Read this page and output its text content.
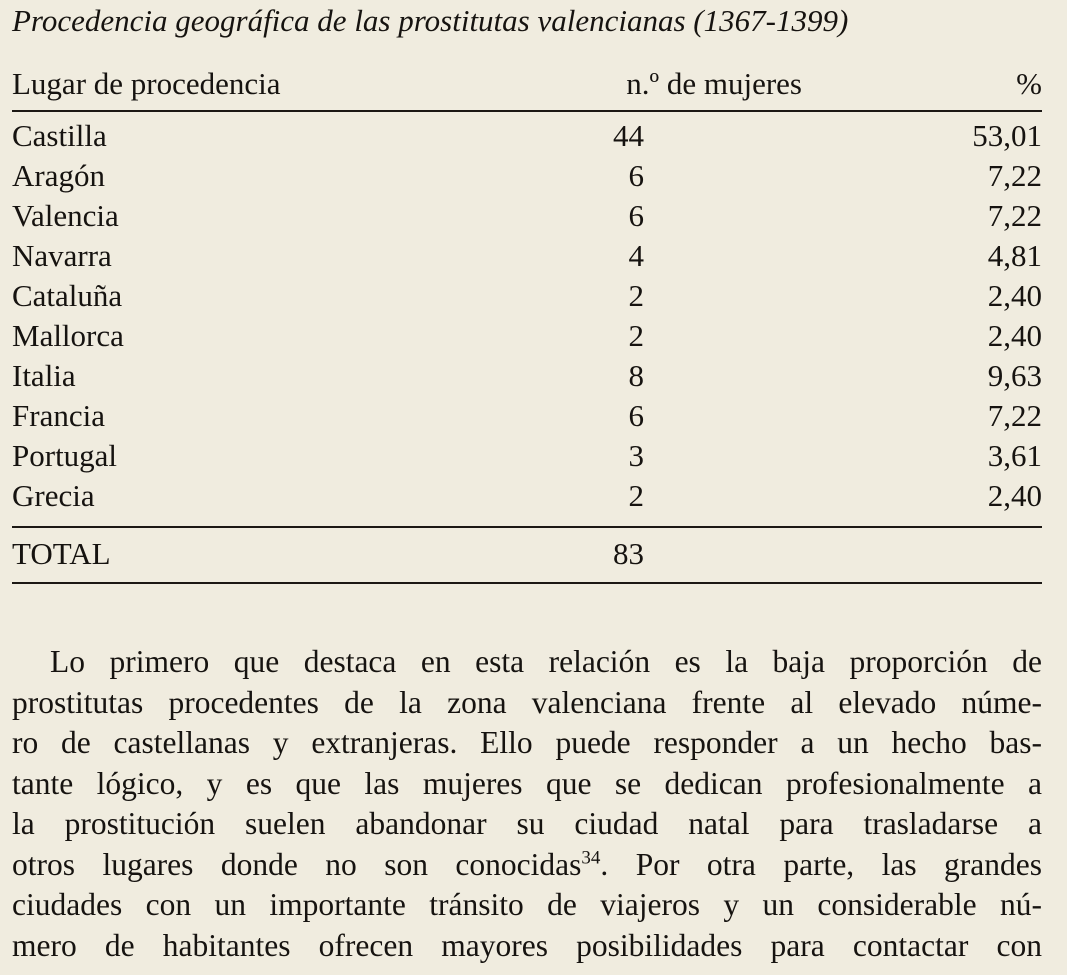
Procedencia geográfica de las prostitutas valencianas (1367-1399)
Lugar de procedencia	n.º de mujeres	%
Castilla	44	53,01
Aragón	6	7,22
Valencia	6	7,22
Navarra	4	4,81
Cataluña	2	2,40
Mallorca	2	2,40
Italia	8	9,63
Francia	6	7,22
Portugal	3	3,61
Grecia	2	2,40
TOTAL	83
Lo primero que destaca en esta relación es la baja proporción de
prostitutas procedentes de la zona valenciana frente al elevado núme-
ro de castellanas y extranjeras. Ello puede responder a un hecho bas-
tante lógico, y es que las mujeres que se dedican profesionalmente a
la prostitución suelen abandonar su ciudad natal para trasladarse a
otros lugares donde no son conocidas$^{34}$. Por otra parte, las grandes
ciudades con un importante tránsito de viajeros y un considerable nú-
mero de habitantes ofrecen mayores posibilidades para contactar con
